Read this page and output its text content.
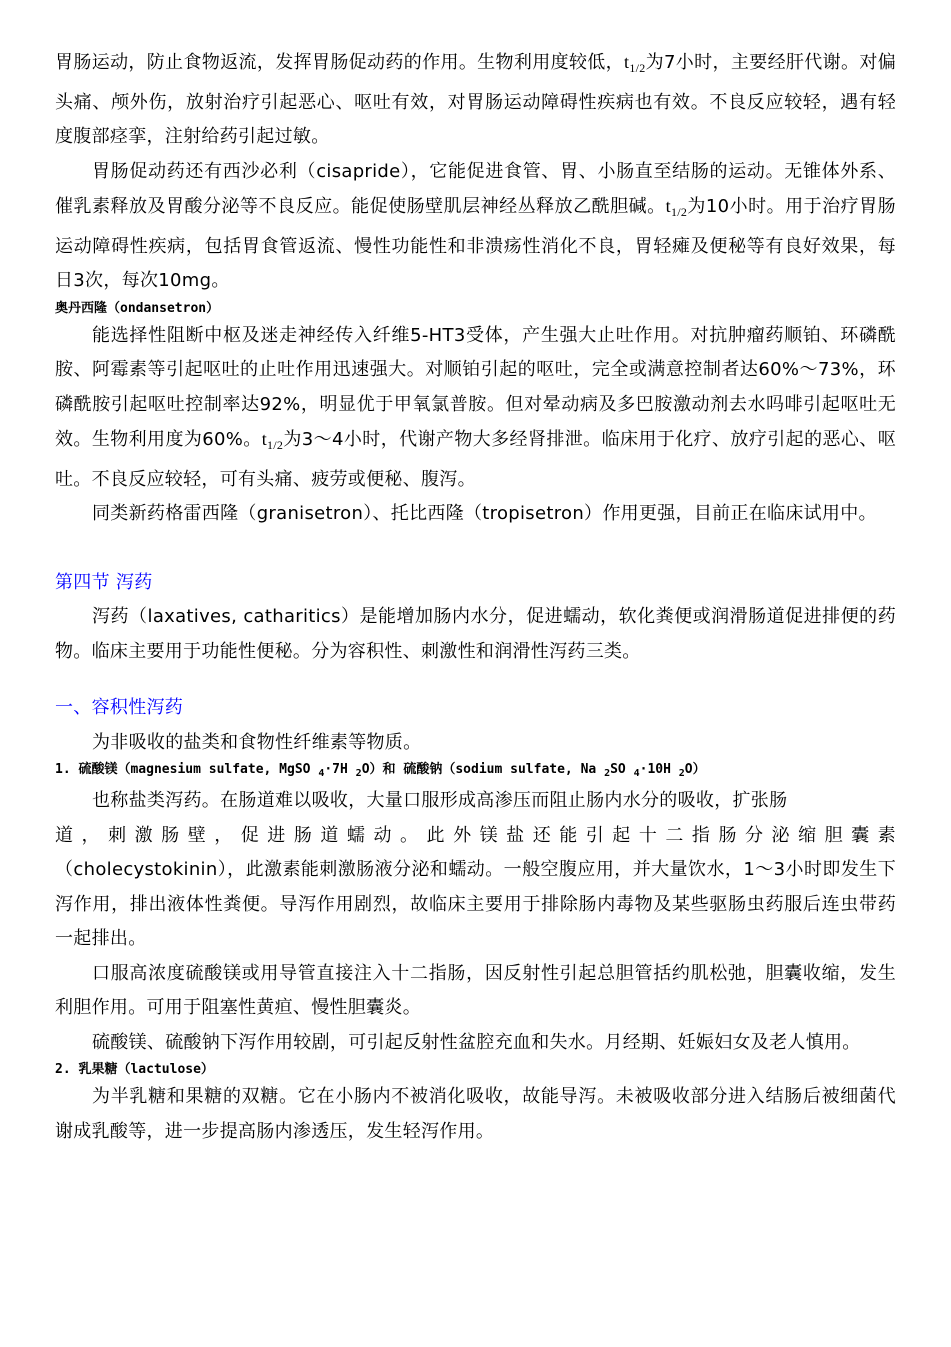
胃肠运动，防止食物返流，发挥胃肠促动药的作用。生物利用度较低，$t_{1/2}$为7小时，主要经肝代谢。对偏头痛、颅外伤，放射治疗引起恶心、呕吐有效，对胃肠运动障碍性疾病也有效。不良反应较轻，遇有轻度腹部痉挛，注射给药引起过敏。

胃肠促动药还有西沙必利（cisapride），它能促进食管、胃、小肠直至结肠的运动。无锥体外系、催乳素释放及胃酸分泌等不良反应。能促使肠壁肌层神经丛释放乙酰胆碱。$t_{1/2}$为10小时。用于治疗胃肠运动障碍性疾病，包括胃食管返流、慢性功能性和非溃疡性消化不良，胃轻瘫及便秘等有良好效果，每日3次，每次10mg。

奥丹西隆（ondansetron）

能选择性阻断中枢及迷走神经传入纤维5-HT3受体，产生强大止吐作用。对抗肿瘤药顺铂、环磷酰胺、阿霉素等引起呕吐的止吐作用迅速强大。对顺铂引起的呕吐，完全或满意控制者达60%～73%，环磷酰胺引起呕吐控制率达92%，明显优于甲氧氯普胺。但对晕动病及多巴胺激动剂去水吗啡引起呕吐无效。生物利用度为60%。$t_{1/2}$为3～4小时，代谢产物大多经肾排泄。临床用于化疗、放疗引起的恶心、呕吐。不良反应较轻，可有头痛、疲劳或便秘、腹泻。

同类新药格雷西隆（granisetron）、托比西隆（tropisetron）作用更强，目前正在临床试用中。

第四节 泻药

泻药（laxatives, catharitics）是能增加肠内水分，促进蠕动，软化粪便或润滑肠道促进排便的药物。临床主要用于功能性便秘。分为容积性、刺激性和润滑性泻药三类。

一、容积性泻药

为非吸收的盐类和食物性纤维素等物质。

1. 硫酸镁（magnesium sulfate, MgSO $_4$·7H $_2$O）和 硫酸钠（sodium sulfate, Na $_2$SO $_4$·10H $_2$O）

也称盐类泻药。在肠道难以吸收，大量口服形成高渗压而阻止肠内水分的吸收，扩张肠

道，刺激肠壁，促进肠道蠕动。此外镁盐还能引起十二指肠分泌缩胆囊素

（cholecystokinin），此激素能刺激肠液分泌和蠕动。一般空腹应用，并大量饮水，1～3小时即发生下泻作用，排出液体性粪便。导泻作用剧烈，故临床主要用于排除肠内毒物及某些驱肠虫药服后连虫带药一起排出。

口服高浓度硫酸镁或用导管直接注入十二指肠，因反射性引起总胆管括约肌松弛，胆囊收缩，发生利胆作用。可用于阻塞性黄疸、慢性胆囊炎。

硫酸镁、硫酸钠下泻作用较剧，可引起反射性盆腔充血和失水。月经期、妊娠妇女及老人慎用。

2. 乳果糖（lactulose）

为半乳糖和果糖的双糖。它在小肠内不被消化吸收，故能导泻。未被吸收部分进入结肠后被细菌代谢成乳酸等，进一步提高肠内渗透压，发生轻泻作用。
